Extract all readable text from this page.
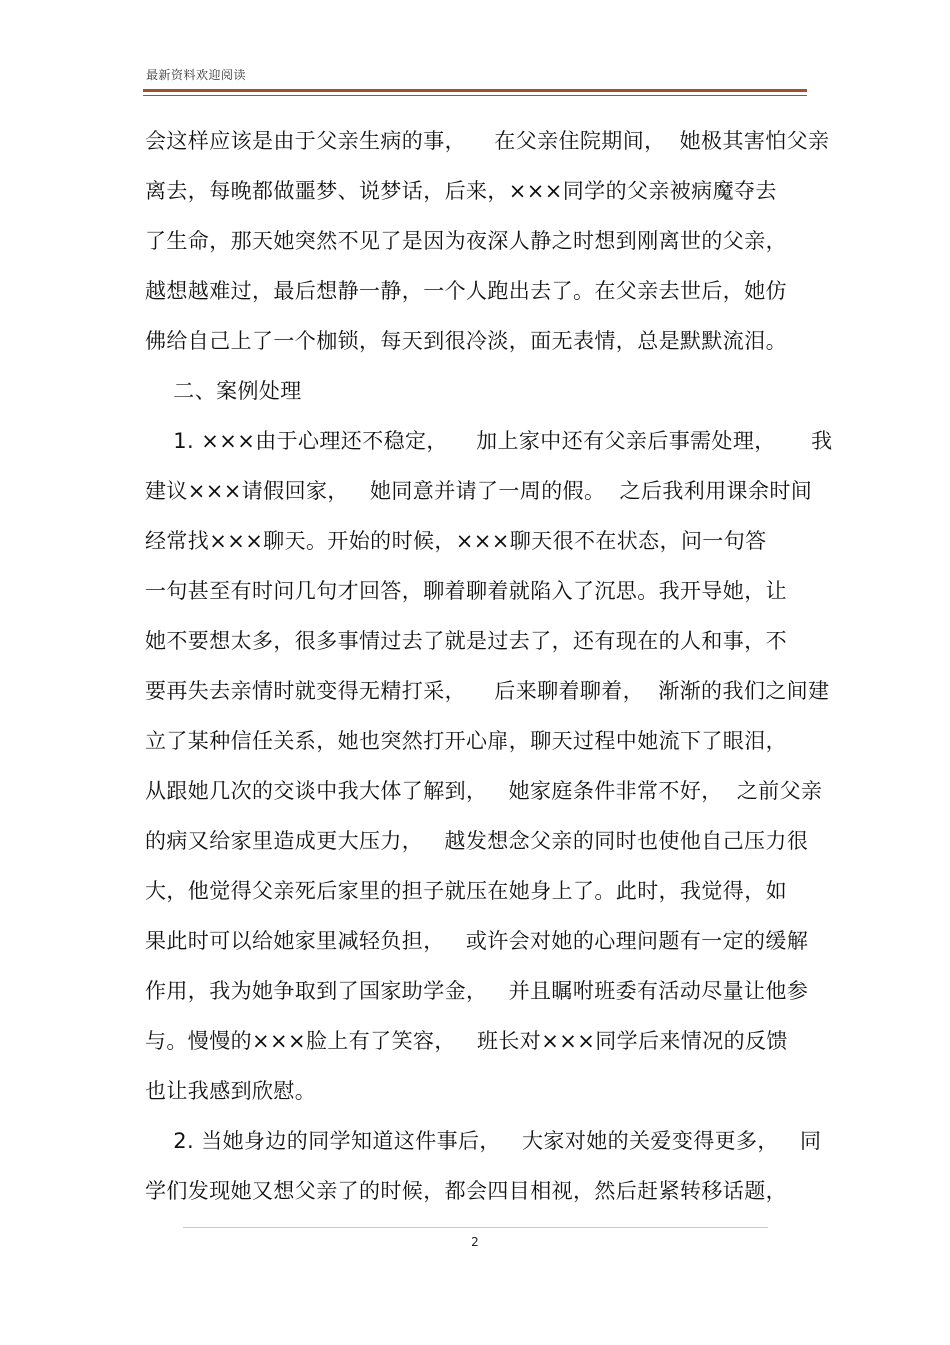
最新资料欢迎阅读
会这样应该是由于父亲生病的事，    在父亲住院期间，  她极其害怕父亲
离去，每晚都做噩梦、说梦话，后来，×××同学的父亲被病魔夺去
了生命，那天她突然不见了是因为夜深人静之时想到刚离世的父亲，
越想越难过，最后想静一静，一个人跑出去了。在父亲去世后，她仿
佛给自己上了一个枷锁，每天到很冷淡，面无表情，总是默默流泪。
二、案例处理
1. ×××由于心理还不稳定，    加上家中还有父亲后事需处理，     我
建议×××请假回家，   她同意并请了一周的假。  之后我利用课余时间
经常找×××聊天。开始的时候，×××聊天很不在状态，问一句答
一句甚至有时问几句才回答，聊着聊着就陷入了沉思。我开导她，让
她不要想太多，很多事情过去了就是过去了，还有现在的人和事，不
要再失去亲情时就变得无精打采，    后来聊着聊着，  渐渐的我们之间建
立了某种信任关系，她也突然打开心扉，聊天过程中她流下了眼泪，
从跟她几次的交谈中我大体了解到，   她家庭条件非常不好，  之前父亲
的病又给家里造成更大压力，   越发想念父亲的同时也使他自己压力很
大，他觉得父亲死后家里的担子就压在她身上了。此时，我觉得，如
果此时可以给她家里减轻负担，   或许会对她的心理问题有一定的缓解
作用，我为她争取到了国家助学金，   并且瞩咐班委有活动尽量让他参
与。慢慢的×××脸上有了笑容，   班长对×××同学后来情况的反馈
也让我感到欣慰。
2. 当她身边的同学知道这件事后，   大家对她的关爱变得更多，   同
学们发现她又想父亲了的时候，都会四目相视，然后赶紧转移话题，
2
